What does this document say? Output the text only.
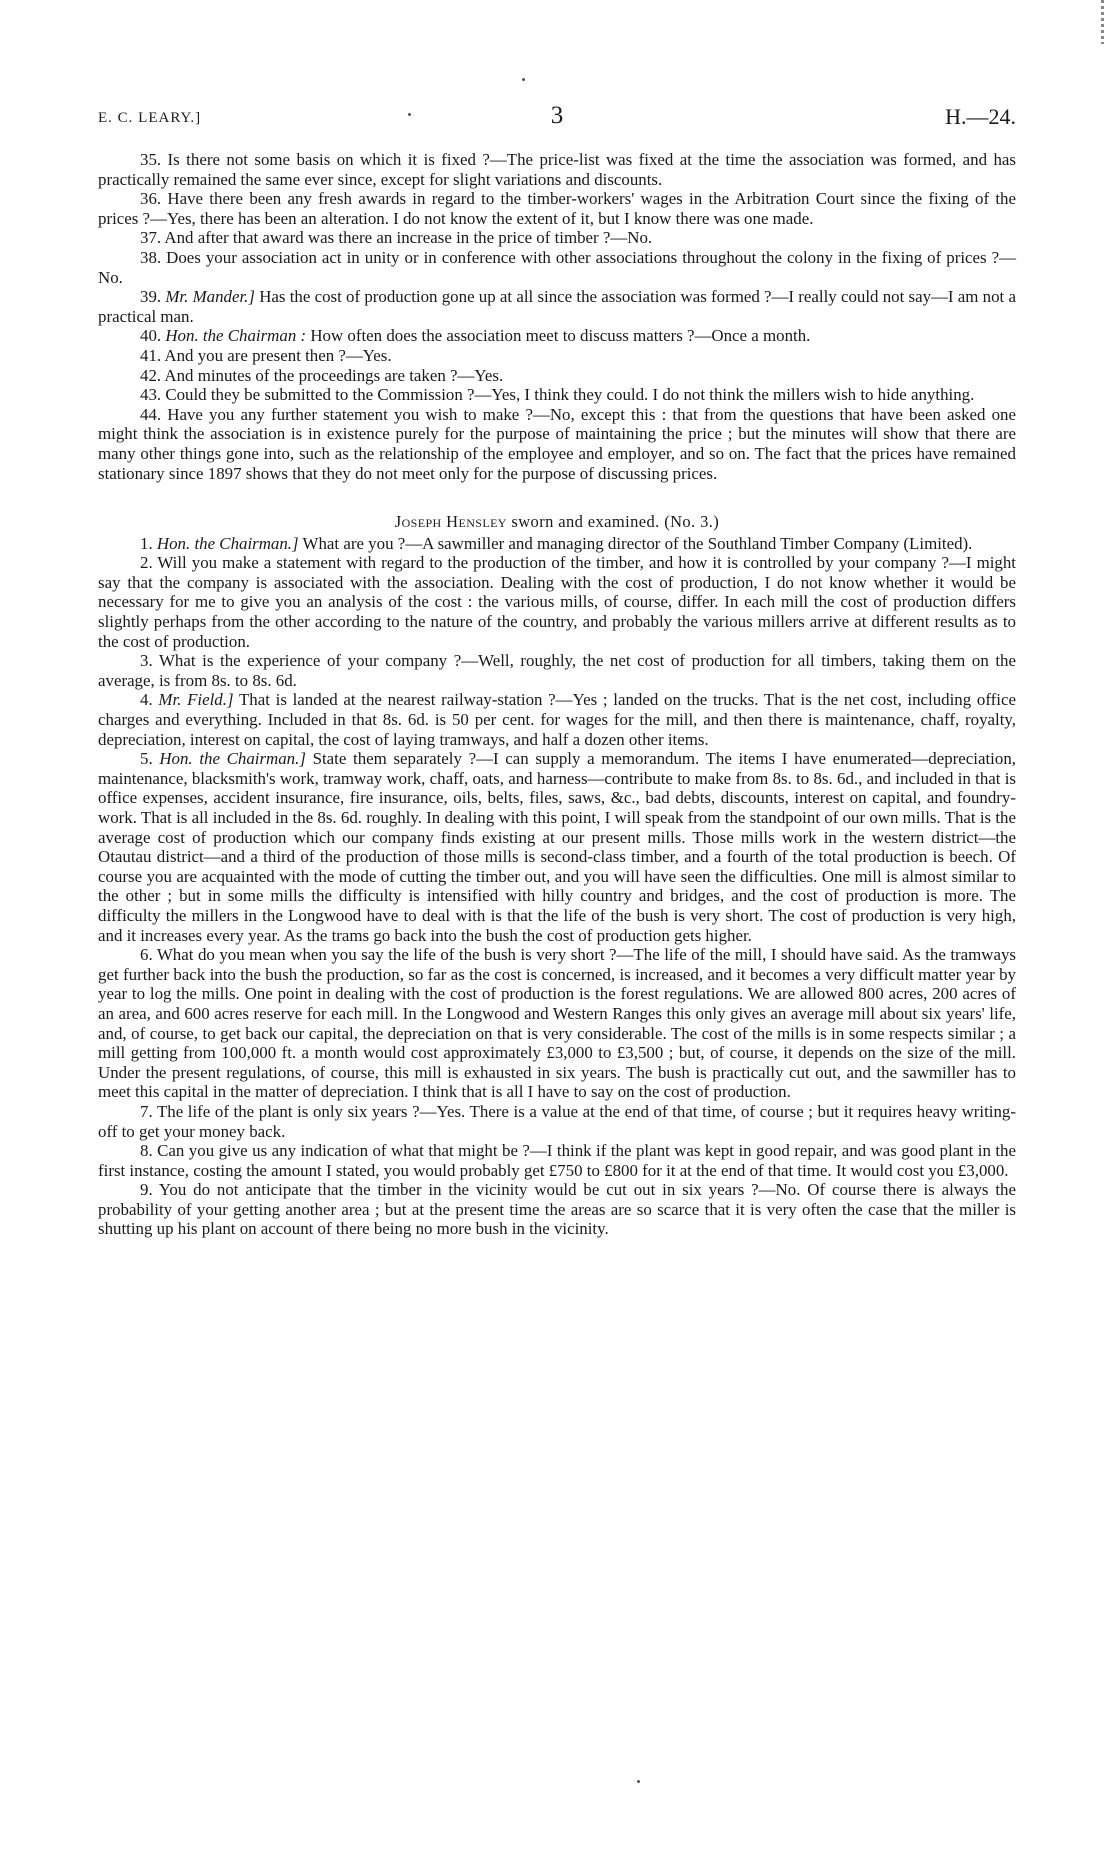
E. C. LEARY.]	3	H.—24.

35. Is there not some basis on which it is fixed ?—The price-list was fixed at the time the association was formed, and has practically remained the same ever since, except for slight variations and discounts.

36. Have there been any fresh awards in regard to the timber-workers' wages in the Arbitration Court since the fixing of the prices ?—Yes, there has been an alteration. I do not know the extent of it, but I know there was one made.

37. And after that award was there an increase in the price of timber ?—No.

38. Does your association act in unity or in conference with other associations throughout the colony in the fixing of prices ?—No.

39. Mr. Mander.] Has the cost of production gone up at all since the association was formed ?—I really could not say—I am not a practical man.

40. Hon. the Chairman : How often does the association meet to discuss matters ?—Once a month.

41. And you are present then ?—Yes.

42. And minutes of the proceedings are taken ?—Yes.

43. Could they be submitted to the Commission ?—Yes, I think they could. I do not think the millers wish to hide anything.

44. Have you any further statement you wish to make ?—No, except this : that from the questions that have been asked one might think the association is in existence purely for the purpose of maintaining the price ; but the minutes will show that there are many other things gone into, such as the relationship of the employee and employer, and so on. The fact that the prices have remained stationary since 1897 shows that they do not meet only for the purpose of discussing prices.

Joseph Hensley sworn and examined. (No. 3.)

1. Hon. the Chairman.] What are you ?—A sawmiller and managing director of the Southland Timber Company (Limited).

2. Will you make a statement with regard to the production of the timber, and how it is controlled by your company ?—I might say that the company is associated with the association. Dealing with the cost of production, I do not know whether it would be necessary for me to give you an analysis of the cost : the various mills, of course, differ. In each mill the cost of production differs slightly perhaps from the other according to the nature of the country, and probably the various millers arrive at different results as to the cost of production.

3. What is the experience of your company ?—Well, roughly, the net cost of production for all timbers, taking them on the average, is from 8s. to 8s. 6d.

4. Mr. Field.] That is landed at the nearest railway-station ?—Yes ; landed on the trucks. That is the net cost, including office charges and everything. Included in that 8s. 6d. is 50 per cent. for wages for the mill, and then there is maintenance, chaff, royalty, depreciation, interest on capital, the cost of laying tramways, and half a dozen other items.

5. Hon. the Chairman.] State them separately ?—I can supply a memorandum. The items I have enumerated—depreciation, maintenance, blacksmith's work, tramway work, chaff, oats, and harness—contribute to make from 8s. to 8s. 6d., and included in that is office expenses, accident insurance, fire insurance, oils, belts, files, saws, &c., bad debts, discounts, interest on capital, and foundry-work. That is all included in the 8s. 6d. roughly. In dealing with this point, I will speak from the standpoint of our own mills. That is the average cost of production which our company finds existing at our present mills. Those mills work in the western district—the Otautau district—and a third of the production of those mills is second-class timber, and a fourth of the total production is beech. Of course you are acquainted with the mode of cutting the timber out, and you will have seen the difficulties. One mill is almost similar to the other ; but in some mills the difficulty is intensified with hilly country and bridges, and the cost of production is more. The difficulty the millers in the Longwood have to deal with is that the life of the bush is very short. The cost of production is very high, and it increases every year. As the trams go back into the bush the cost of production gets higher.

6. What do you mean when you say the life of the bush is very short ?—The life of the mill, I should have said. As the tramways get further back into the bush the production, so far as the cost is concerned, is increased, and it becomes a very difficult matter year by year to log the mills. One point in dealing with the cost of production is the forest regulations. We are allowed 800 acres, 200 acres of an area, and 600 acres reserve for each mill. In the Longwood and Western Ranges this only gives an average mill about six years' life, and, of course, to get back our capital, the depreciation on that is very considerable. The cost of the mills is in some respects similar ; a mill getting from 100,000 ft. a month would cost approximately £3,000 to £3,500 ; but, of course, it depends on the size of the mill. Under the present regulations, of course, this mill is exhausted in six years. The bush is practically cut out, and the sawmiller has to meet this capital in the matter of depreciation. I think that is all I have to say on the cost of production.

7. The life of the plant is only six years ?—Yes. There is a value at the end of that time, of course ; but it requires heavy writing-off to get your money back.

8. Can you give us any indication of what that might be ?—I think if the plant was kept in good repair, and was good plant in the first instance, costing the amount I stated, you would probably get £750 to £800 for it at the end of that time. It would cost you £3,000.

9. You do not anticipate that the timber in the vicinity would be cut out in six years ?—No. Of course there is always the probability of your getting another area ; but at the present time the areas are so scarce that it is very often the case that the miller is shutting up his plant on account of there being no more bush in the vicinity.
